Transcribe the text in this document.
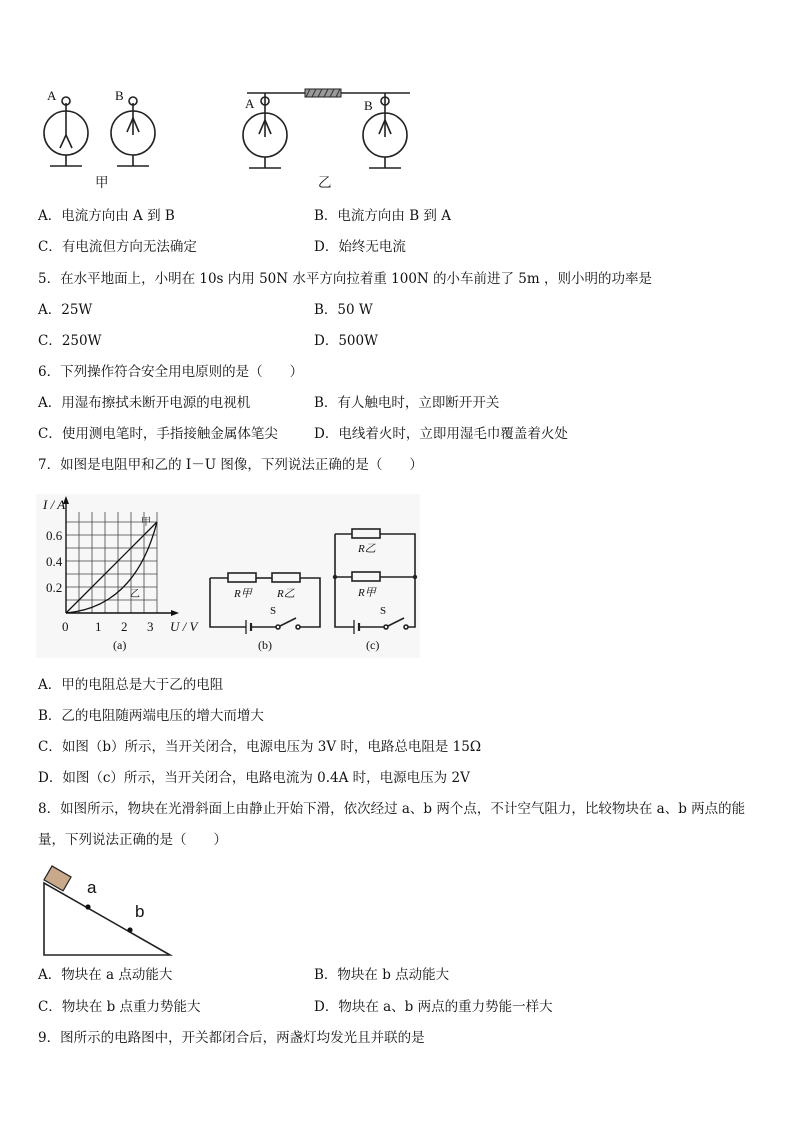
A	B
A	B
甲	乙
A．电流方向由 A 到 B	B．电流方向由 B 到 A
C．有电流但方向无法确定	D．始终无电流
5．在水平地面上，小明在 10s 内用 50N 水平方向拉着重 100N 的小车前进了 5m ，则小明的功率是
A．25W	B．50 W
C．250W	D．500W
6．下列操作符合安全用电原则的是（　　）
A．用湿布擦拭未断开电源的电视机	B．有人触电时，立即断开开关
C．使用测电笔时，手指接触金属体笔尖	D．电线着火时，立即用湿毛巾覆盖着火处
7．如图是电阻甲和乙的 I－U 图像，下列说法正确的是（　　）
I / A
0.6
0.4
0.2
0 1 2 3 U / V
甲
乙
(a)	(b)	(c)
R甲 R乙
S
R乙
R甲
S
A．甲的电阻总是大于乙的电阻
B．乙的电阻随两端电压的增大而增大
C．如图（b）所示，当开关闭合，电源电压为 3V 时，电路总电阻是 15Ω
D．如图（c）所示，当开关闭合，电路电流为 0.4A 时，电源电压为 2V
8．如图所示，物块在光滑斜面上由静止开始下滑，依次经过 a、b 两个点，不计空气阻力，比较物块在 a、b 两点的能
量，下列说法正确的是（　　）
a
b
A．物块在 a 点动能大	B．物块在 b 点动能大
C．物块在 b 点重力势能大	D．物块在 a、b 两点的重力势能一样大
9．图所示的电路图中，开关都闭合后，两盏灯均发光且并联的是
